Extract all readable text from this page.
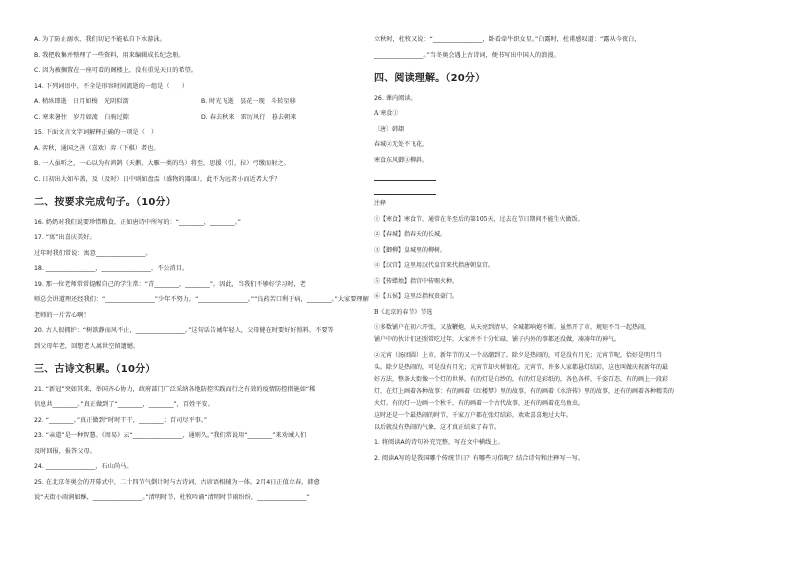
A. 为了防止溺水，我们切记不能私自下水游泳。
B. 我把收集并整理了一些资料，用来编辑成长纪念册。
C. 因为被搁置在一座可看的阁楼上，没有重见天日的希望。
14. 下列词语中，不全是形容时间流逝的一组是（　　）
A. 稍纵即逝　日月如梭　光阴似箭	B. 时光飞逝　昙花一现　斗转星移
C. 寒来暑往　岁月如流　白驹过隙	D. 春去秋来　雷厉风行　暮去朝来
15. 下面文言文字词解释正确的一项是（　）
A. 弈秋，通国之善（喜欢）弈（下棋）者也。
B. 一人虽听之，一心以为有鸿鹄（天鹅，大雁一类的鸟）将至，思援（引，拉）弓缴而射之。
C. 日初出大如车盖，及（及时）日中则如盘盂（盛物的器皿），此不为远者小而近者大乎？
二、按要求完成句子。（10分）
16. 奶奶对我们说要珍惜粮食，正如唐诗中所写的：“________，________。”
17. “寓”出喜庆美好。
过年时我们常说：寓意________________。
18. ________________，________________，不公消目。
19. 那一位老师常常提醒自己的学生常：“青________，________”。因此，当我们不够好学习时，老
师总会讲道理还经我们：“________________”少年不努力，“________________。”“良药苦口利于病，________。”大家要理解
老师的一片苦心啊！
20. 古人很拥护：“树欲静而风不止，________________。”这句话告诫年轻人，父母健在时要好好照料，不要等
到父母年老，回想老人离世空留遗憾。
三、古诗文积累。（10分）
21. “新冠”突如其来，举国齐心协力，政府部门广泛采纳各地防控实践而行之有效的疫情防控措施如“稀
信息共________。”真正做到了“________，________”，百姓平安。
22. “________。”真正做到“时时干干，________；百司尽平事。”
23. “亲道”是一种智慧。《周易》云“________________，通则久。”我们常说用“________”来劝诫人们
及时回报，报答父母。
24. ________________，石山尚马。
25. 在北京冬奥会的开幕式中，二十四节气倒计时与古诗词、古谚语相辅为一体。2月4日正值立春，韩愈
说“天街小雨润如酥，________________。”清明时节，杜牧吟诵“清明时节雨纷纷，________________”
立秋时，杜牧又说：“________________，卧看牵牛织女星。”白露时，杜甫感叹道：“露从今夜白，
________________。”当冬奥会遇上古诗词，便书写出中国人的浪漫。
四、阅读理解。（20分）
26. 课内阅读。
A 寒食①
〔唐〕韩翃
春城②无处不飞花，
寒食东风御③柳斜。
注释
①【寒食】寒食节，通常在冬至后的第105天，过去在节日期间不能生火做饭。
②【春城】指春天的长城。
③【御柳】皇城里的柳树。
④【汉宫】这里用汉代皇宫来代指唐朝皇宫。
⑤【传蜡烛】指宫中传赐火种。
⑥【五侯】这里泛指权贵豪门。
B《北京的春节》节选
①多数铺户在初六开张，又放鞭炮，从天亮到清早，全城都响炮不断。虽然开了市，规矩不当一起热闹，
铺户中的伙计们还照常吃过年，大家并不十分忙碌，铺子内外的事都还没做，凑凑年的神气。
②元宵（汤团圆）上市，新年节的又一个高潮到了。除夕是热闹的，可是没有月光；元宵节呢，恰好是明月当
头。除夕是热闹的，可是没有月光；元宵节却火树银花。元宵节，许多人家都悬灯结彩，这也叫做庆祝新年的最
好方法，整条大街像一个灯的世界。有的灯是白纱的，有的灯是彩纸的，各色各样，千姿百态，有的画上一段彩
灯，在灯上画着各种故事：有的画着《红楼梦》里的故事，有的画着《水浒传》里的故事，还有的画着各种精美的
火灯。有的灯一边画一个秋千，有的画着一个古代故事，还有的画着花鸟鱼虫。
这时还是一个最热闹的时节，千家万户都在张灯结彩，欢欢喜喜地过大年。
以后就没有热闹的气象，这才真正结束了春节。
1. 将阅读A的诗句补充完整，写在文中横线上。
2. 阅读A写的是我国哪个传统节日？有哪些习俗呢？结合诗句和注释写一写。
